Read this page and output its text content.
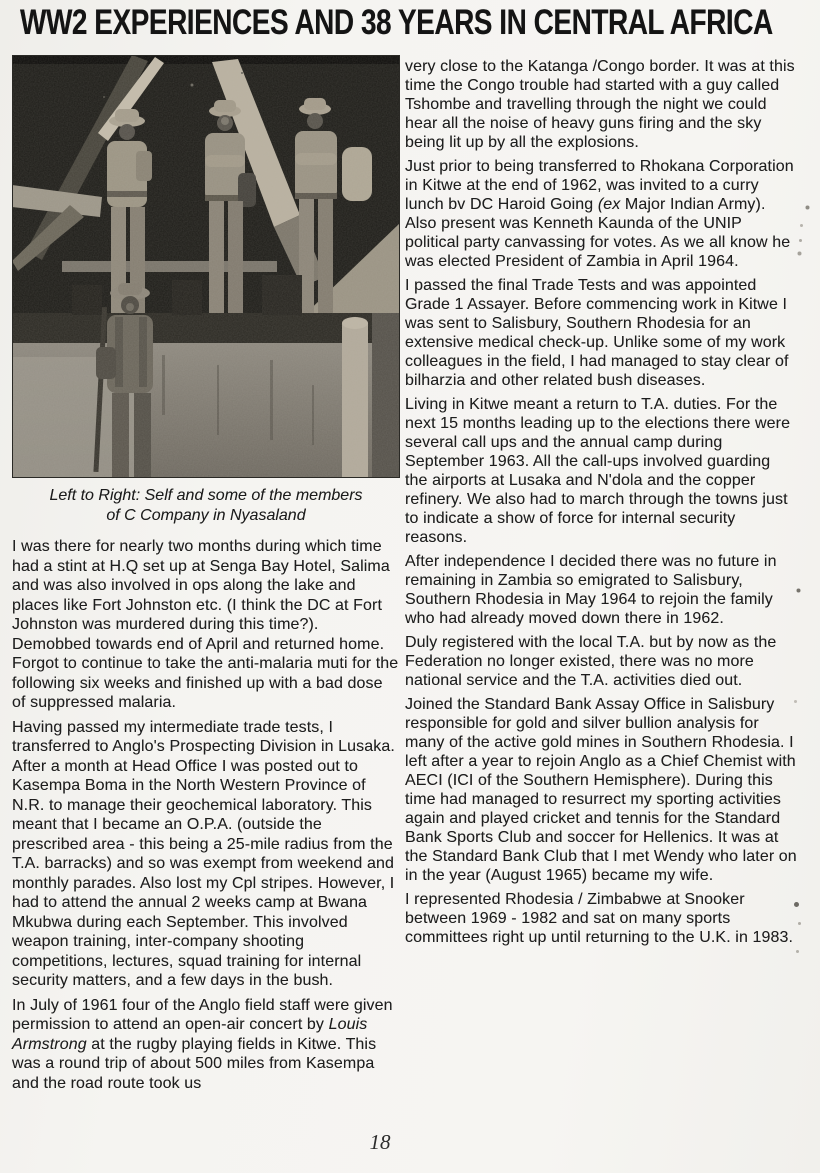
WW2 EXPERIENCES AND 38 YEARS IN CENTRAL AFRICA
Left to Right: Self and some of the members
of C Company in Nyasaland

I was there for nearly two months during which time had a stint at H.Q set up at Senga Bay Hotel, Salima and was also involved in ops along the lake and places like Fort Johnston etc. (I think the DC at Fort Johnston was murdered during this time?). Demobbed towards end of April and returned home. Forgot to continue to take the anti-malaria muti for the following six weeks and finished up with a bad dose of suppressed malaria.

Having passed my intermediate trade tests, I transferred to Anglo's Prospecting Division in Lusaka. After a month at Head Office I was posted out to Kasempa Boma in the North Western Province of N.R. to manage their geochemical laboratory. This meant that I became an O.P.A. (outside the prescribed area - this being a 25-mile radius from the T.A. barracks) and so was exempt from weekend and monthly parades. Also lost my Cpl stripes. However, I had to attend the annual 2 weeks camp at Bwana Mkubwa during each September. This involved weapon training, inter-company shooting competitions, lectures, squad training for internal security matters, and a few days in the bush.

In July of 1961 four of the Anglo field staff were given permission to attend an open-air concert by Louis Armstrong at the rugby playing fields in Kitwe. This was a round trip of about 500 miles from Kasempa and the road route took us

very close to the Katanga /Congo border. It was at this time the Congo trouble had started with a guy called Tshombe and travelling through the night we could hear all the noise of heavy guns firing and the sky being lit up by all the explosions.

Just prior to being transferred to Rhokana Corporation in Kitwe at the end of 1962, was invited to a curry lunch bv DC Haroid Going (ex Major Indian Army). Also present was Kenneth Kaunda of the UNIP political party canvassing for votes. As we all know he was elected President of Zambia in April 1964.

I passed the final Trade Tests and was appointed Grade 1 Assayer. Before commencing work in Kitwe I was sent to Salisbury, Southern Rhodesia for an extensive medical check-up. Unlike some of my work colleagues in the field, I had managed to stay clear of bilharzia and other related bush diseases.

Living in Kitwe meant a return to T.A. duties. For the next 15 months leading up to the elections there were several call ups and the annual camp during September 1963. All the call-ups involved guarding the airports at Lusaka and N'dola and the copper refinery. We also had to march through the towns just to indicate a show of force for internal security reasons.

After independence I decided there was no future in remaining in Zambia so emigrated to Salisbury, Southern Rhodesia in May 1964 to rejoin the family who had already moved down there in 1962.

Duly registered with the local T.A. but by now as the Federation no longer existed, there was no more national service and the T.A. activities died out.

Joined the Standard Bank Assay Office in Salisbury responsible for gold and silver bullion analysis for many of the active gold mines in Southern Rhodesia. I left after a year to rejoin Anglo as a Chief Chemist with AECI (ICI of the Southern Hemisphere). During this time had managed to resurrect my sporting activities again and played cricket and tennis for the Standard Bank Sports Club and soccer for Hellenics. It was at the Standard Bank Club that I met Wendy who later on in the year (August 1965) became my wife.

I represented Rhodesia / Zimbabwe at Snooker between 1969 - 1982 and sat on many sports committees right up until returning to the U.K. in 1983.

18
